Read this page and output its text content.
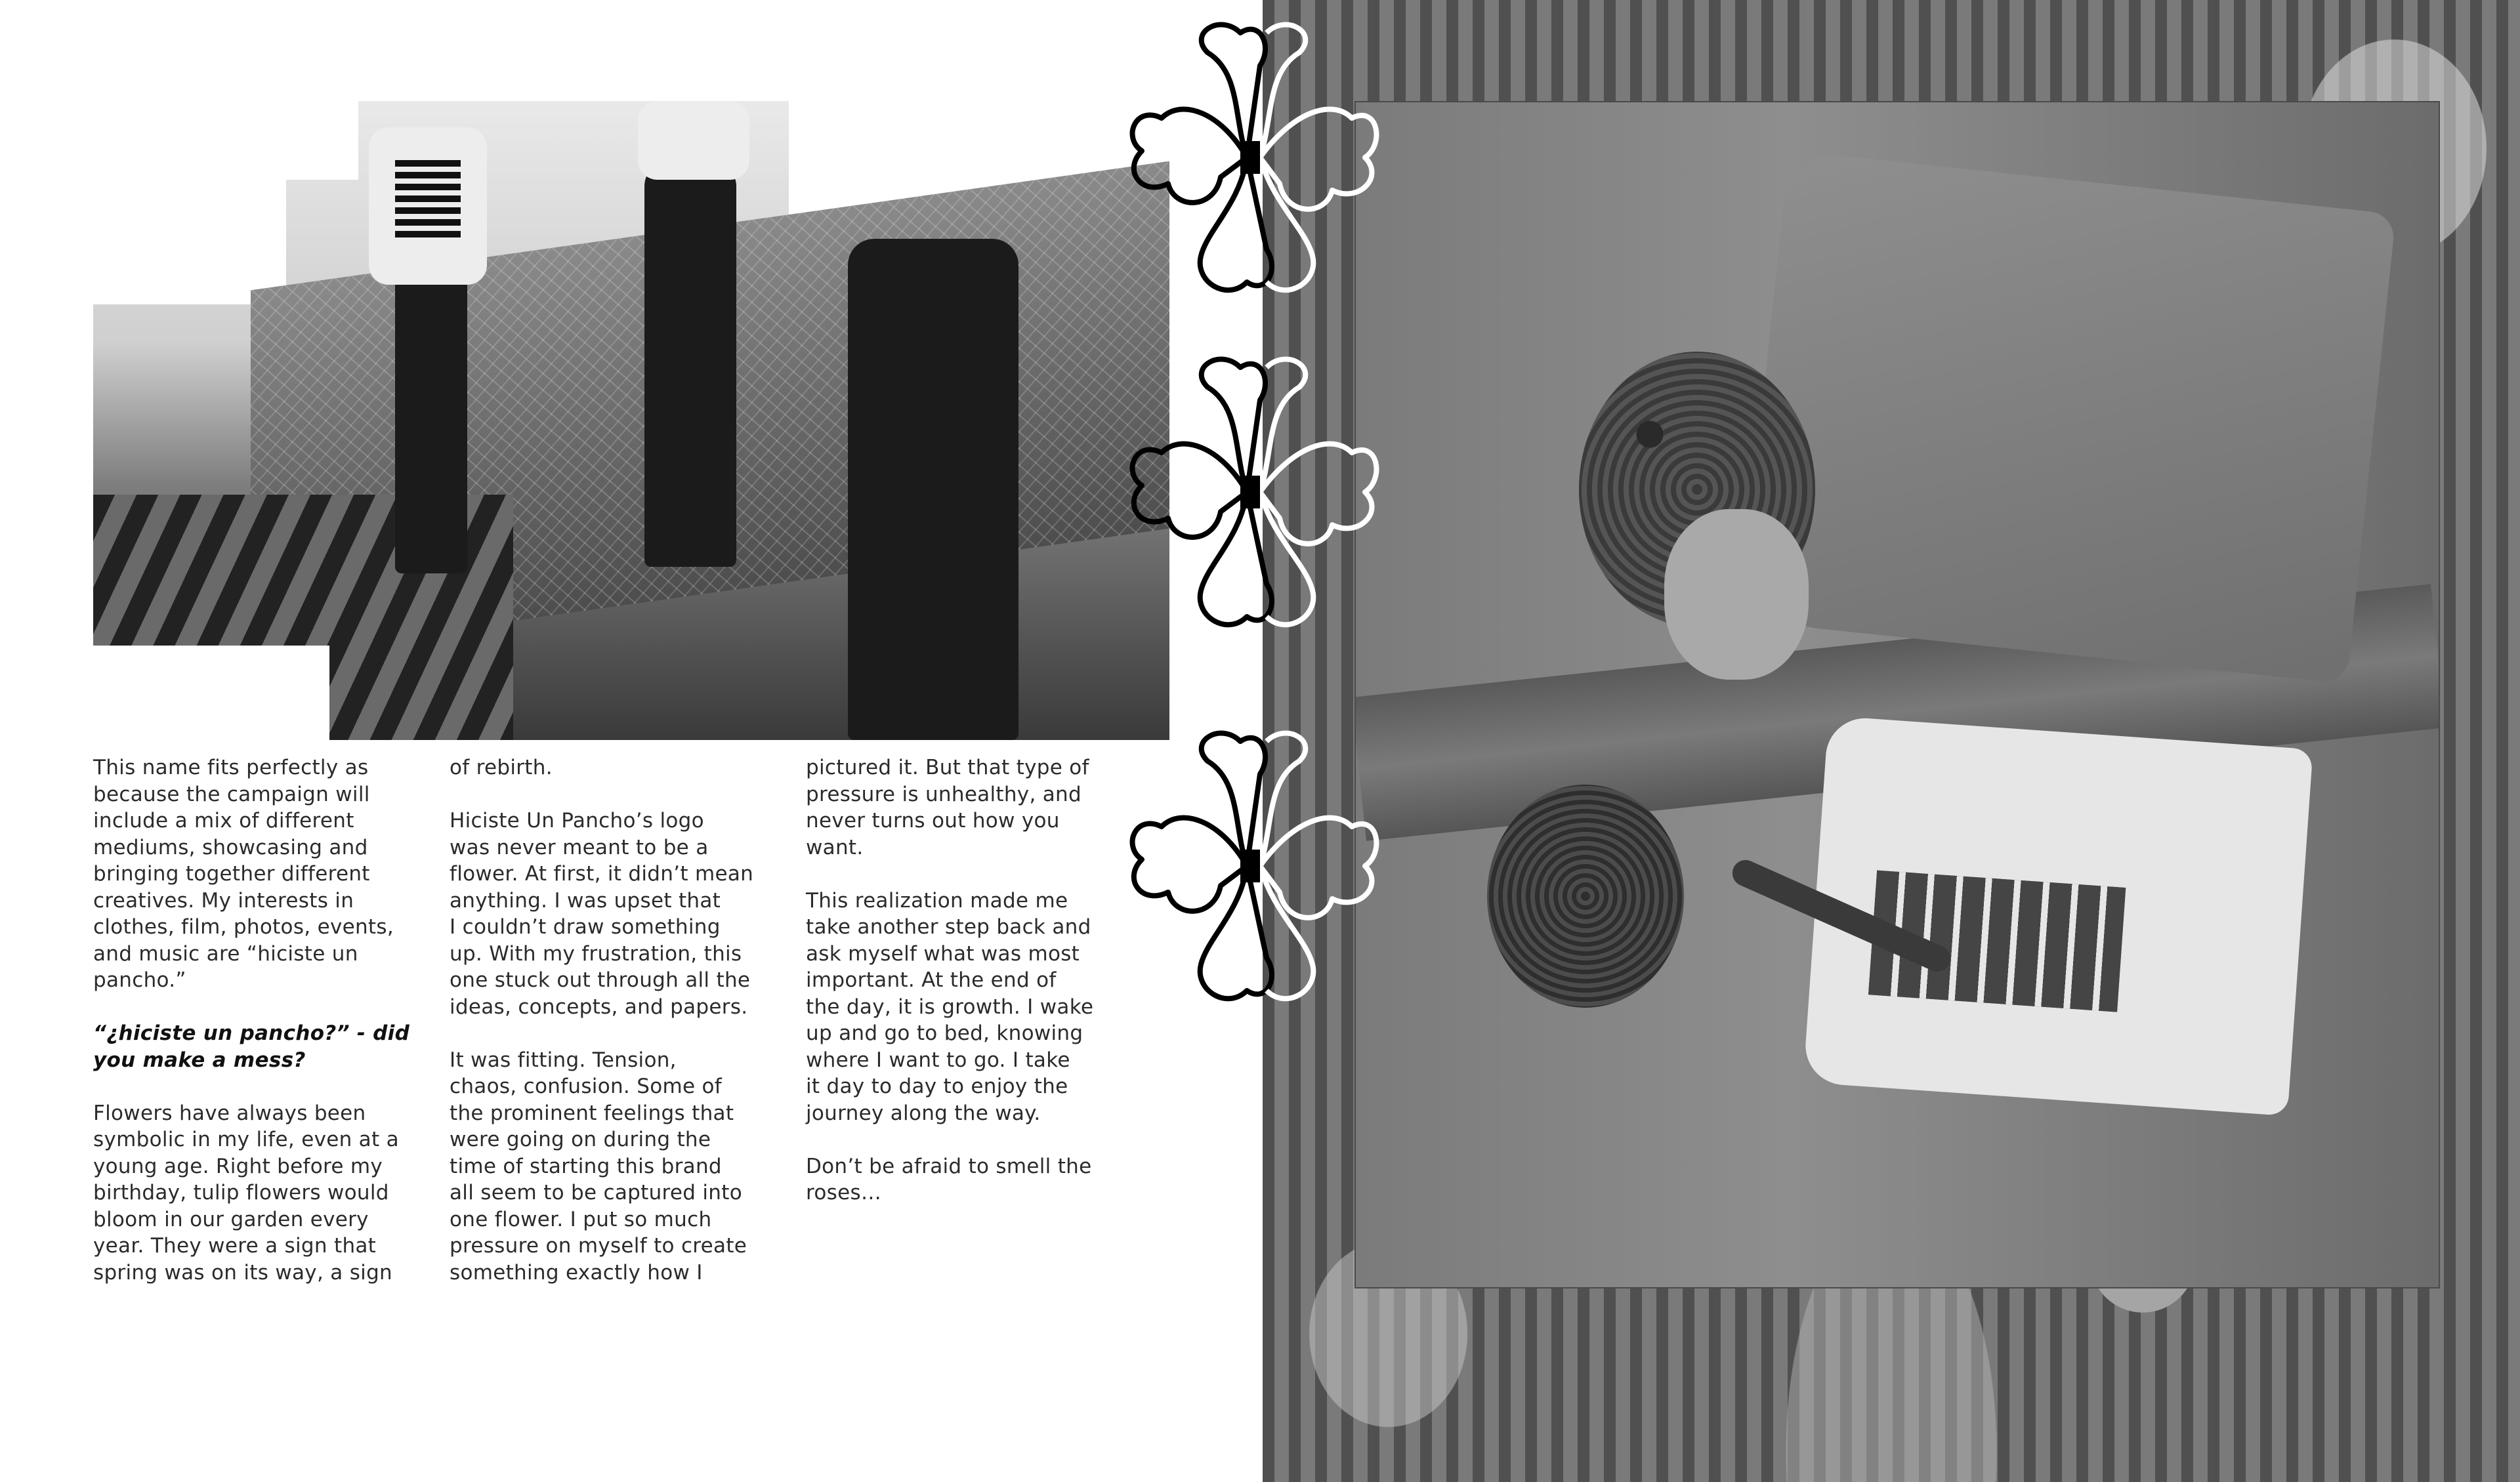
This name fits perfectly as
because the campaign will
include a mix of different
mediums, showcasing and
bringing together different
creatives. My interests in
clothes, film, photos, events,
and music are “hiciste un
pancho.”

“¿hiciste un pancho?” - did
you make a mess?

Flowers have always been
symbolic in my life, even at a
young age. Right before my
birthday, tulip flowers would
bloom in our garden every
year. They were a sign that
spring was on its way, a sign

of rebirth.

Hiciste Un Pancho’s logo
was never meant to be a
flower. At first, it didn’t mean
anything. I was upset that
I couldn’t draw something
up. With my frustration, this
one stuck out through all the
ideas, concepts, and papers.

It was fitting. Tension,
chaos, confusion. Some of
the prominent feelings that
were going on during the
time of starting this brand
all seem to be captured into
one flower. I put so much
pressure on myself to create
something exactly how I

pictured it. But that type of
pressure is unhealthy, and
never turns out how you
want.

This realization made me
take another step back and
ask myself what was most
important. At the end of
the day, it is growth. I wake
up and go to bed, knowing
where I want to go. I take
it day to day to enjoy the
journey along the way.

Don’t be afraid to smell the
roses…
